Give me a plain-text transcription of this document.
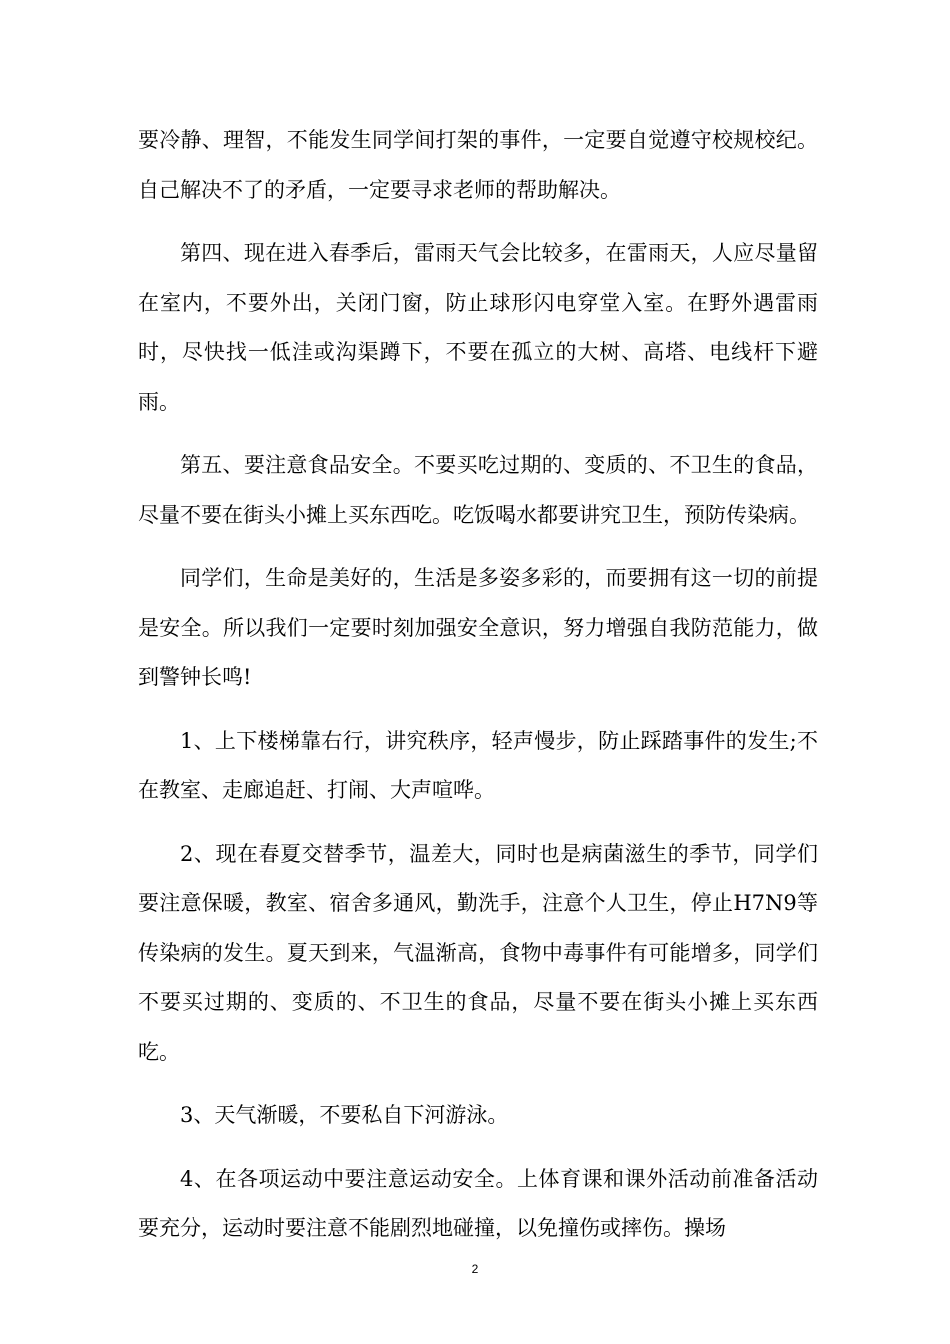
要冷静、理智，不能发生同学间打架的事件，一定要自觉遵守校规校纪。自己解决不了的矛盾，一定要寻求老师的帮助解决。

第四、现在进入春季后，雷雨天气会比较多，在雷雨天，人应尽量留在室内，不要外出，关闭门窗，防止球形闪电穿堂入室。在野外遇雷雨时，尽快找一低洼或沟渠蹲下，不要在孤立的大树、高塔、电线杆下避雨。

第五、要注意食品安全。不要买吃过期的、变质的、不卫生的食品，尽量不要在街头小摊上买东西吃。吃饭喝水都要讲究卫生，预防传染病。

同学们，生命是美好的，生活是多姿多彩的，而要拥有这一切的前提是安全。所以我们一定要时刻加强安全意识，努力增强自我防范能力，做到警钟长鸣!

1、上下楼梯靠右行，讲究秩序，轻声慢步，防止踩踏事件的发生;不在教室、走廊追赶、打闹、大声喧哗。

2、现在春夏交替季节，温差大，同时也是病菌滋生的季节，同学们要注意保暖，教室、宿舍多通风，勤洗手，注意个人卫生，停止H7N9等传染病的发生。夏天到来，气温渐高，食物中毒事件有可能增多，同学们不要买过期的、变质的、不卫生的食品，尽量不要在街头小摊上买东西吃。

3、天气渐暖，不要私自下河游泳。

4、在各项运动中要注意运动安全。上体育课和课外活动前准备活动要充分，运动时要注意不能剧烈地碰撞，以免撞伤或摔伤。操场

2
